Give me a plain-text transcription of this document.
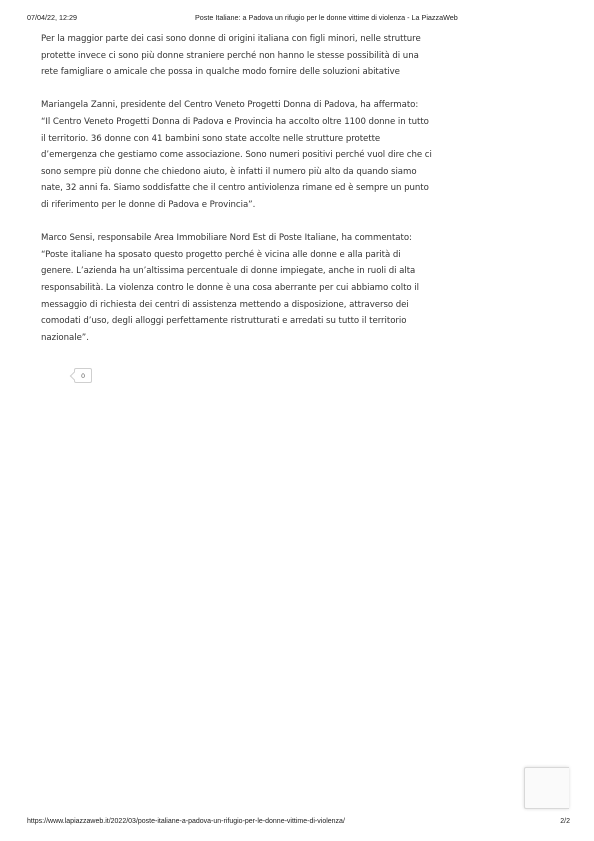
07/04/22, 12:29	Poste Italiane: a Padova un rifugio per le donne vittime di violenza - La PiazzaWeb

Per la maggior parte dei casi sono donne di origini italiana con figli minori, nelle strutture
protette invece ci sono più donne straniere perché non hanno le stesse possibilità di una
rete famigliare o amicale che possa in qualche modo fornire delle soluzioni abitative

Mariangela Zanni, presidente del Centro Veneto Progetti Donna di Padova, ha affermato:
“Il Centro Veneto Progetti Donna di Padova e Provincia ha accolto oltre 1100 donne in tutto
il territorio. 36 donne con 41 bambini sono state accolte nelle strutture protette
d’emergenza che gestiamo come associazione. Sono numeri positivi perché vuol dire che ci
sono sempre più donne che chiedono aiuto, è infatti il numero più alto da quando siamo
nate, 32 anni fa. Siamo soddisfatte che il centro antiviolenza rimane ed è sempre un punto
di riferimento per le donne di Padova e Provincia”.

Marco Sensi, responsabile Area Immobiliare Nord Est di Poste Italiane, ha commentato:
“Poste italiane ha sposato questo progetto perché è vicina alle donne e alla parità di
genere. L’azienda ha un’altissima percentuale di donne impiegate, anche in ruoli di alta
responsabilità. La violenza contro le donne è una cosa aberrante per cui abbiamo colto il
messaggio di richiesta dei centri di assistenza mettendo a disposizione, attraverso dei
comodati d’uso, degli alloggi perfettamente ristrutturati e arredati su tutto il territorio
nazionale”.

0
https://www.lapiazzaweb.it/2022/03/poste-italiane-a-padova-un-rifugio-per-le-donne-vittime-di-violenza/	2/2
